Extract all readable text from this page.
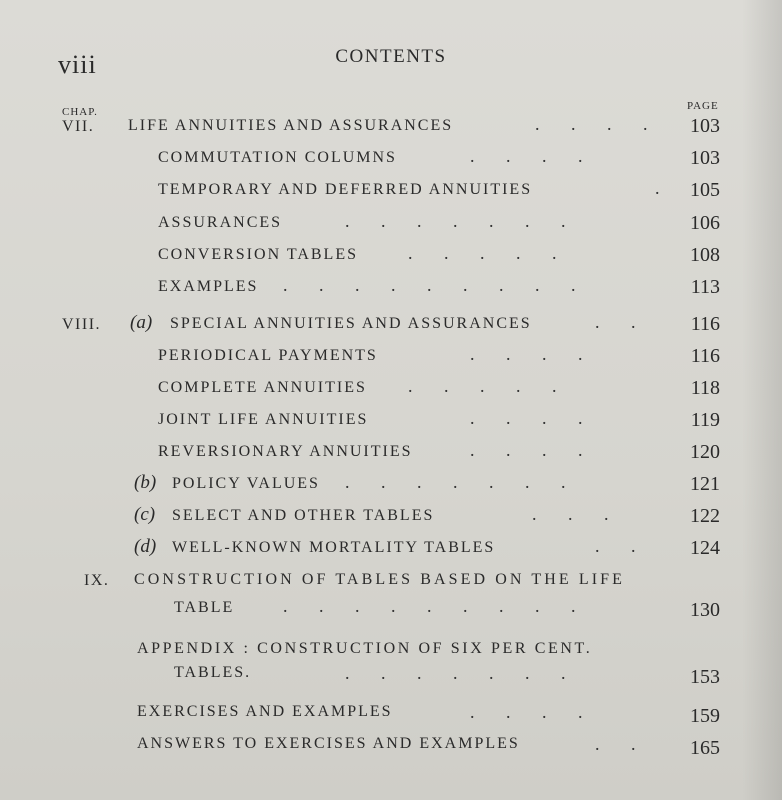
viii	CONTENTS
CHAP.	PAGE
VII. LIFE ANNUITIES AND ASSURANCES	.       .       .       .	103
COMMUTATION COLUMNS	.       .       .       .	103
TEMPORARY AND DEFERRED ANNUITIES	.	105
ASSURANCES	.       .       .       .       .       .       .	106
CONVERSION TABLES	.       .       .       .       .	108
EXAMPLES .       .       .       .       .       .       .       .       .	113
VIII. (a) SPECIAL ANNUITIES AND ASSURANCES	.       .	116
PERIODICAL PAYMENTS	.       .       .       .	116
COMPLETE ANNUITIES .       .       .       .       .	118
JOINT LIFE ANNUITIES	.       .       .       .	119
REVERSIONARY ANNUITIES	.       .       .       .	120
(b) POLICY VALUES .       .       .       .       .       .       .	121
(c) SELECT AND OTHER TABLES	.       .       .	122
(d) WELL-KNOWN MORTALITY TABLES	.       .	124
IX. CONSTRUCTION OF TABLES BASED ON THE LIFE
TABLE	.       .       .       .       .       .       .       .       .	130
APPENDIX : CONSTRUCTION OF SIX PER CENT.
TABLES.	.       .       .       .       .       .       .	153
EXERCISES AND EXAMPLES	.       .       .       .	159
ANSWERS TO EXERCISES AND EXAMPLES	.       .	165
